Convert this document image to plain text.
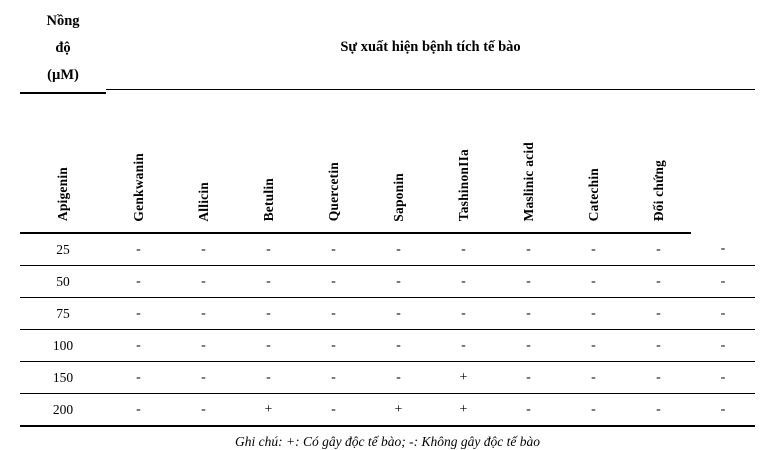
Nồng
độ
(µM)	Sự xuất hiện bệnh tích tế bào									

Apigenin	Genkwanin	Allicin	Betulin	Quercetin	Saponin	TashinonIIa	Maslinic acid	Catechin	Đối chứng	
25	-	-	-	-	-	-	-	-	-	-
50	-	-	-	-	-	-	-	-	-	-
75	-	-	-	-	-	-	-	-	-	-
100	-	-	-	-	-	-	-	-	-	-
150	-	-	-	-	-	+	-	-	-	-
200	-	-	+	-	+	+	-	-	-	-
Ghi chú: +: Có gây độc tế bào; -: Không gây độc tế bào
